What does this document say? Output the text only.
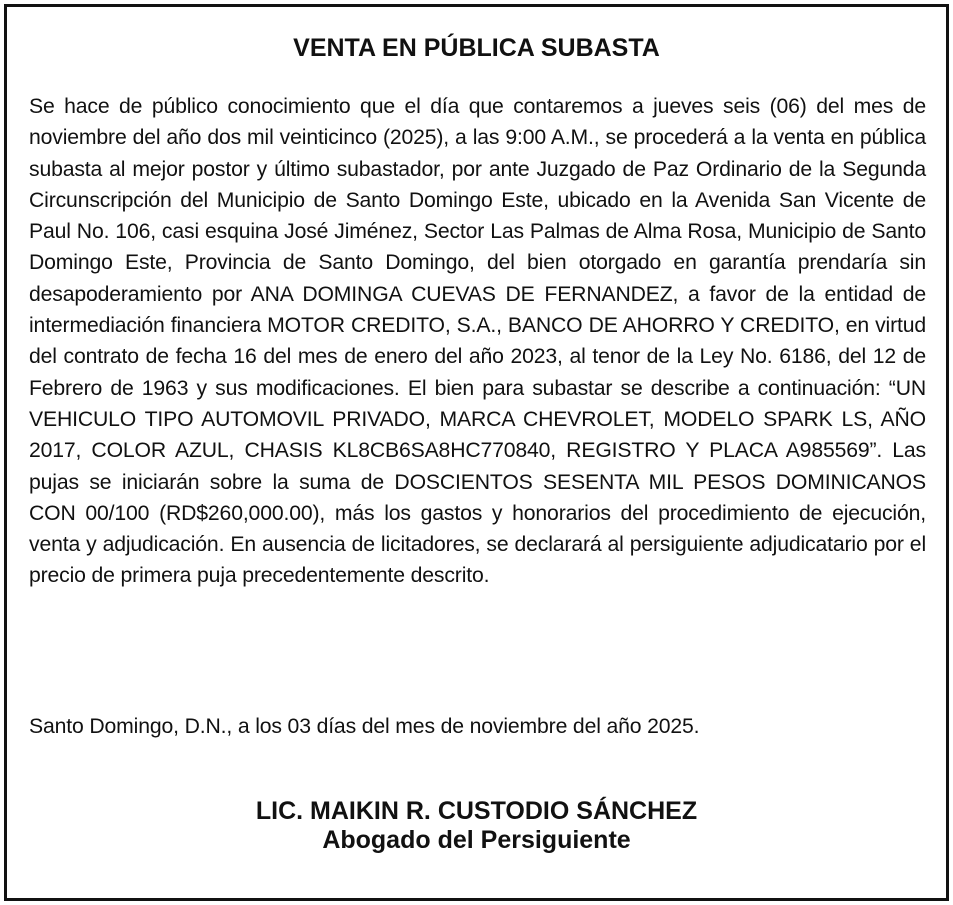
VENTA EN PÚBLICA SUBASTA

Se hace de público conocimiento que el día que contaremos a jueves seis (06) del mes de noviembre del año dos mil veinticinco (2025), a las 9:00 A.M., se procederá a la venta en pública subasta al mejor postor y último subastador, por ante Juzgado de Paz Ordinario de la Segunda Circunscripción del Municipio de Santo Domingo Este, ubicado en la Avenida San Vicente de Paul No. 106, casi esquina José Jiménez, Sector Las Palmas de Alma Rosa, Municipio de Santo Domingo Este, Provincia de Santo Domingo, del bien otorgado en garantía prendaría sin desapoderamiento por ANA DOMINGA CUEVAS DE FERNANDEZ, a favor de la entidad de intermediación financiera MOTOR CREDITO, S.A., BANCO DE AHORRO Y CREDITO, en virtud del contrato de fecha 16 del mes de enero del año 2023, al tenor de la Ley No. 6186, del 12 de Febrero de 1963 y sus modificaciones. El bien para subastar se describe a continuación: “UN VEHICULO TIPO AUTOMOVIL PRIVADO, MARCA CHEVROLET, MODELO SPARK LS, AÑO 2017, COLOR AZUL, CHASIS KL8CB6SA8HC770840, REGISTRO Y PLACA A985569”. Las pujas se iniciarán sobre la suma de DOSCIENTOS SESENTA MIL PESOS DOMINICANOS CON 00/100 (RD$260,000.00), más los gastos y honorarios del procedimiento de ejecución, venta y adjudicación. En ausencia de licitadores, se declarará al persiguiente adjudicatario por el precio de primera puja precedentemente descrito.

Santo Domingo, D.N., a los 03 días del mes de noviembre del año 2025.

LIC. MAIKIN R. CUSTODIO SÁNCHEZ
Abogado del Persiguiente
